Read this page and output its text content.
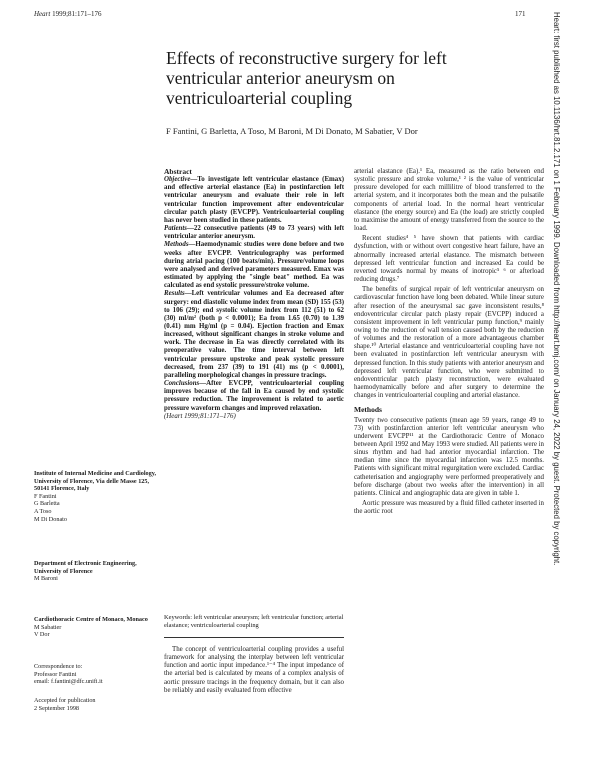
Heart 1999;81:171–176	171
Effects of reconstructive surgery for left ventricular anterior aneurysm on ventriculoarterial coupling
F Fantini, G Barletta, A Toso, M Baroni, M Di Donato, M Sabatier, V Dor
Institute of Internal Medicine and Cardiology, University of Florence, Via delle Masse 125, 50141 Florence, Italy
F Fantini
G Barletta
A Toso
M Di Donato
Department of Electronic Engineering, University of Florence
M Baroni
Cardiothoracic Centre of Monaco, Monaco
M Sabatier
V Dor
Correspondence to:
Professor Fantini
email: f.fantini@dfc.unifi.it
Accepted for publication
2 September 1998
Abstract
Objective—To investigate left ventricular elastance (Emax) and effective arterial elastance (Ea) in postinfarction left ventricular aneurysm and evaluate their role in left ventricular function improvement after endoventricular circular patch plasty (EVCPP). Ventriculoarterial coupling has never been studied in these patients.
Patients—22 consecutive patients (49 to 73 years) with left ventricular anterior aneurysm.
Methods—Haemodynamic studies were done before and two weeks after EVCPP. Ventriculography was performed during atrial pacing (100 beats/min). Pressure/volume loops were analysed and derived parameters measured. Emax was estimated by applying the "single beat" method. Ea was calculated as end systolic pressure/stroke volume.
Results—Left ventricular volumes and Ea decreased after surgery: end diastolic volume index from mean (SD) 155 (53) to 106 (29); end systolic volume index from 112 (51) to 62 (30) ml/m² (both p < 0.0001); Ea from 1.65 (0.70) to 1.39 (0.41) mm Hg/ml (p = 0.04). Ejection fraction and Emax increased, without significant changes in stroke volume and work. The decrease in Ea was directly correlated with its preoperative value. The time interval between left ventricular pressure upstroke and peak systolic pressure decreased, from 237 (39) to 191 (41) ms (p < 0.0001), paralleling morphological changes in pressure tracings.
Conclusions—After EVCPP, ventriculoarterial coupling improves because of the fall in Ea caused by end systolic pressure reduction. The improvement is related to aortic pressure waveform changes and improved relaxation.
(Heart 1999;81:171–176)
Keywords: left ventricular aneurysm; left ventricular function; arterial elastance; ventriculoarterial coupling

The concept of ventriculoarterial coupling provides a useful framework for analysing the interplay between left ventricular function and aortic input impedance.¹⁻⁴ The input impedance of the arterial bed is calculated by means of a complex analysis of aortic pressure tracings in the frequency domain, but it can also be reliably and easily evaluated from effective

arterial elastance (Ea).¹ Ea, measured as the ratio between end systolic pressure and stroke volume,¹ ² is the value of ventricular pressure developed for each millilitre of blood transferred to the arterial system, and it incorporates both the mean and the pulsatile components of arterial load. In the normal heart ventricular elastance (the energy source) and Ea (the load) are strictly coupled to maximise the amount of energy transferred from the source to the load.

Recent studies⁴ ⁵ have shown that patients with cardiac dysfunction, with or without overt congestive heart failure, have an abnormally increased arterial elastance. The mismatch between depressed left ventricular function and increased Ea could be reverted towards normal by means of inotropic⁵ ⁶ or afterload reducing drugs.⁷

The benefits of surgical repair of left ventricular aneurysm on cardiovascular function have long been debated. While linear suture after resection of the aneurysmal sac gave inconsistent results,⁸ endoventricular circular patch plasty repair (EVCPP) induced a consistent improvement in left ventricular pump function,⁹ mainly owing to the reduction of wall tension caused both by the reduction of volumes and the restoration of a more advantageous chamber shape.¹⁰ Arterial elastance and ventriculoarterial coupling have not been evaluated in postinfarction left ventricular aneurysm with depressed function. In this study patients with anterior aneurysm and depressed left ventricular function, who were submitted to endoventricular patch plasty reconstruction, were evaluated haemodynamically before and after surgery to determine the changes in ventriculoarterial coupling and arterial elastance.

Methods

Twenty two consecutive patients (mean age 59 years, range 49 to 73) with postinfarction anterior left ventricular aneurysm who underwent EVCPP¹¹ at the Cardiothoracic Centre of Monaco between April 1992 and May 1993 were studied. All patients were in sinus rhythm and had had anterior myocardial infarction. The median time since the myocardial infarction was 12.5 months. Patients with significant mitral regurgitation were excluded. Cardiac catheterisation and angiography were performed preoperatively and before discharge (about two weeks after the intervention) in all patients. Clinical and angiographic data are given in table 1.

Aortic pressure was measured by a fluid filled catheter inserted in the aortic root

Heart: first published as 10.1136/hrt.81.2.171 on 1 February 1999. Downloaded from http://heart.bmj.com/ on January 24, 2022 by guest. Protected by copyright.
